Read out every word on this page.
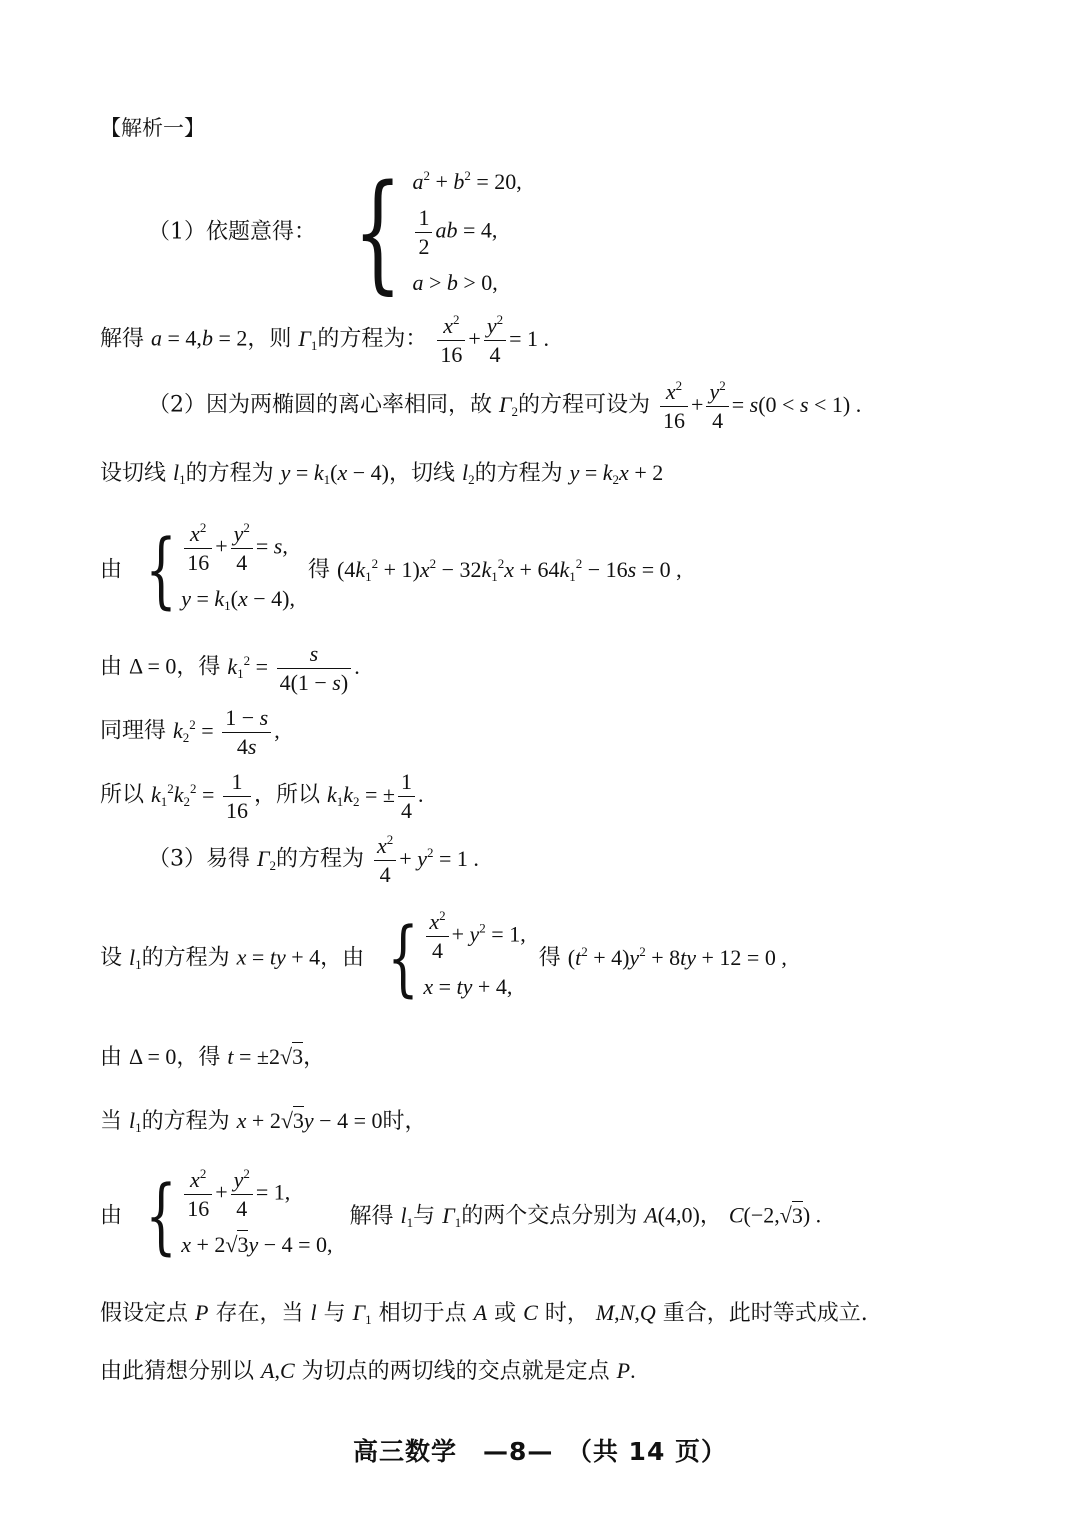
【解析一】
（1）依题意得： { $a^2 + b^2 = 20$,
$\frac{1}{2}$ ab = 4,
a > b > 0,
解得 a = 4,b = 2，则 $\Gamma_1$的方程为： $\frac{x^2}{16} + \frac{y^2}{4} = 1$ .
（2）因为两椭圆的离心率相同，故 $\Gamma_2$的方程可设为 $\frac{x^2}{16} + \frac{y^2}{4} = s(0 < s < 1)$ .
设切线 $l_1$的方程为 $y = k_1(x - 4)$，切线 $l_2$的方程为 $y = k_2x + 2$
由 { $\frac{x^2}{16} + \frac{y^2}{4} = s$,
$y = k_1(x - 4)$,
得 $(4k_1^2 + 1)x^2 - 32k_1^2x + 64k_1^2 - 16s = 0$ ,
由 Δ = 0，得 $k_1^2 = \frac{s}{4(1 - s)}$ .
同理得 $k_2^2 = \frac{1 - s}{4s}$ ,
所以 $k_1^2k_2^2 = \frac{1}{16}$ ，所以 $k_1k_2$ = ± $\frac{1}{4}$ .
（3）易得 $\Gamma_2$的方程为 $\frac{x^2}{4} + y^2 = 1$ .
设 $l_1$的方程为 x = ty + 4，由 { $\frac{x^2}{4} + y^2 = 1$,
x = ty + 4,
得 $(t^2 + 4)y^2 + 8ty + 12 = 0$ ,
由 Δ = 0，得 t = ±2√3，
当 $l_1$的方程为 x + 2√3y − 4 = 0时，
由 { $\frac{x^2}{16} + \frac{y^2}{4} = 1$,
x + 2√3y − 4 = 0,
解得 $l_1$与 $\Gamma_1$的两个交点分别为 A(4,0)， C(−2,√3) .
假设定点 P 存在，当 l 与 $\Gamma_1$ 相切于点 A 或 C 时， M,N,Q 重合，此时等式成立.
由此猜想分别以 A,C 为切点的两切线的交点就是定点 P.
高三数学　—8—　（共 14 页）
